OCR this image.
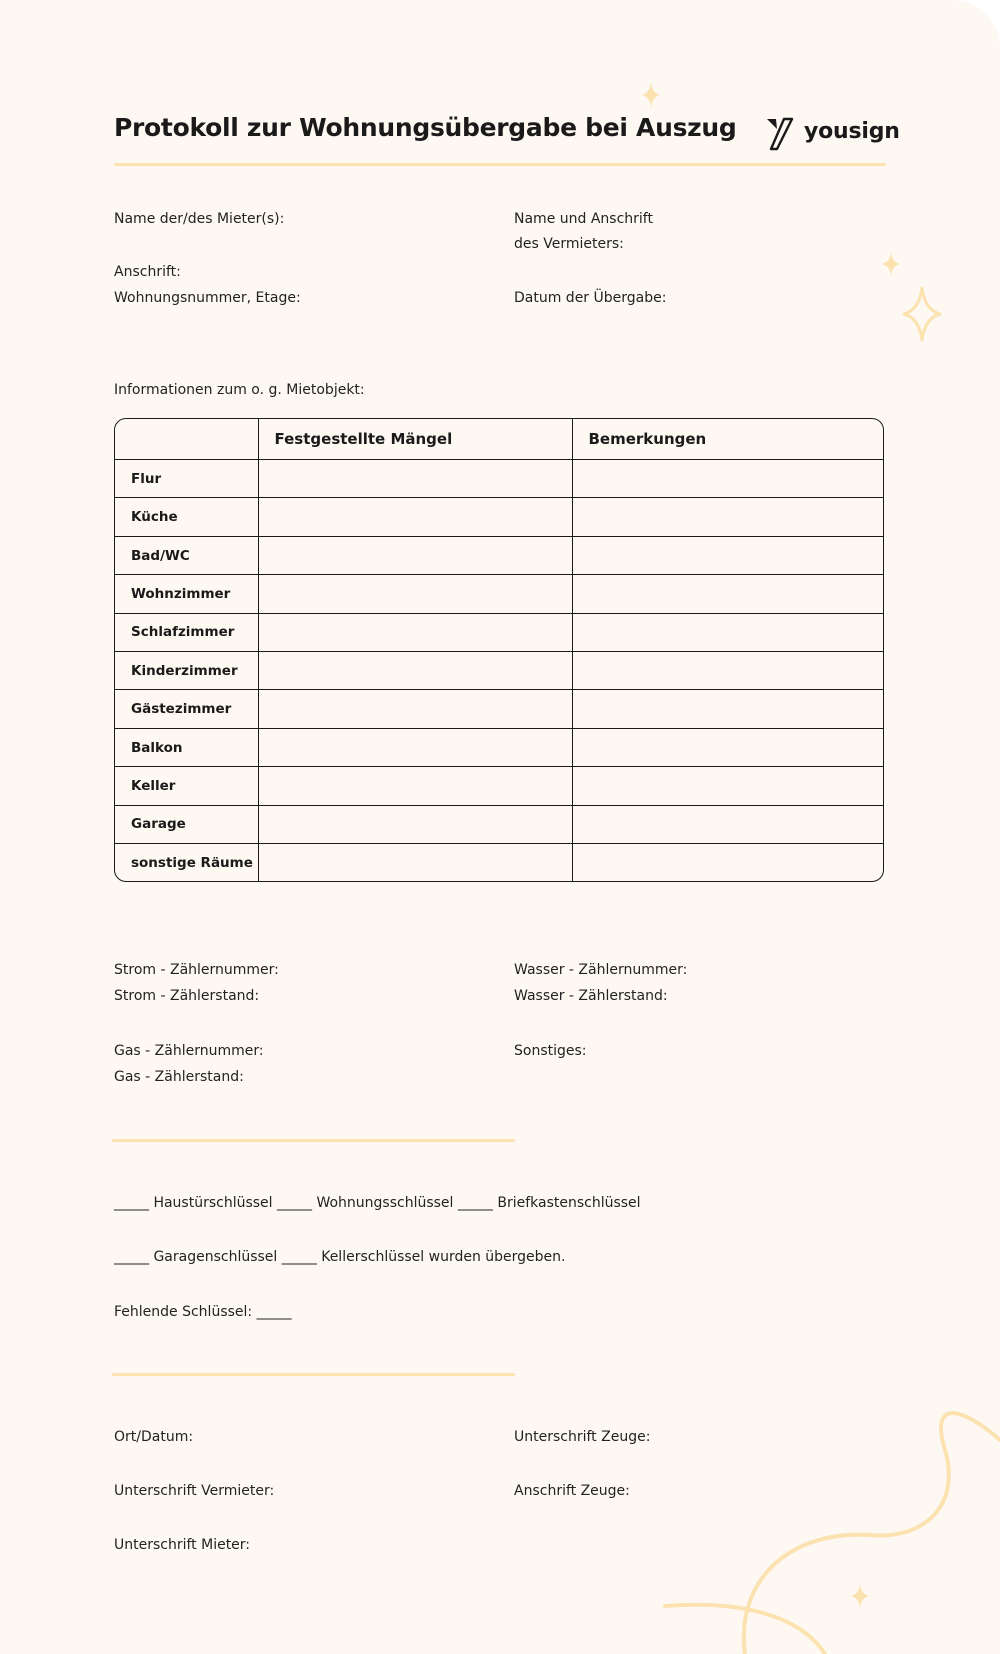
Protokoll zur Wohnungsübergabe bei Auszug	yousign
Name der/des Mieter(s):	Name und Anschrift
des Vermieters:
Anschrift:
Wohnungsnummer, Etage:	Datum der Übergabe:
Informationen zum o. g. Mietobjekt:
	Festgestellte Mängel	Bemerkungen
Flur		
Küche		
Bad/WC		
Wohnzimmer		
Schlafzimmer		
Kinderzimmer		
Gästezimmer		
Balkon		
Keller		
Garage		
sonstige Räume		
Strom - Zählernummer:	Wasser - Zählernummer:
Strom - Zählerstand:	Wasser - Zählerstand:
Gas - Zählernummer:	Sonstiges:
Gas - Zählerstand:
_____ Haustürschlüssel _____ Wohnungsschlüssel _____ Briefkastenschlüssel
_____ Garagenschlüssel _____ Kellerschlüssel wurden übergeben.
Fehlende Schlüssel: _____
Ort/Datum:	Unterschrift Zeuge:
Unterschrift Vermieter:	Anschrift Zeuge:
Unterschrift Mieter:
